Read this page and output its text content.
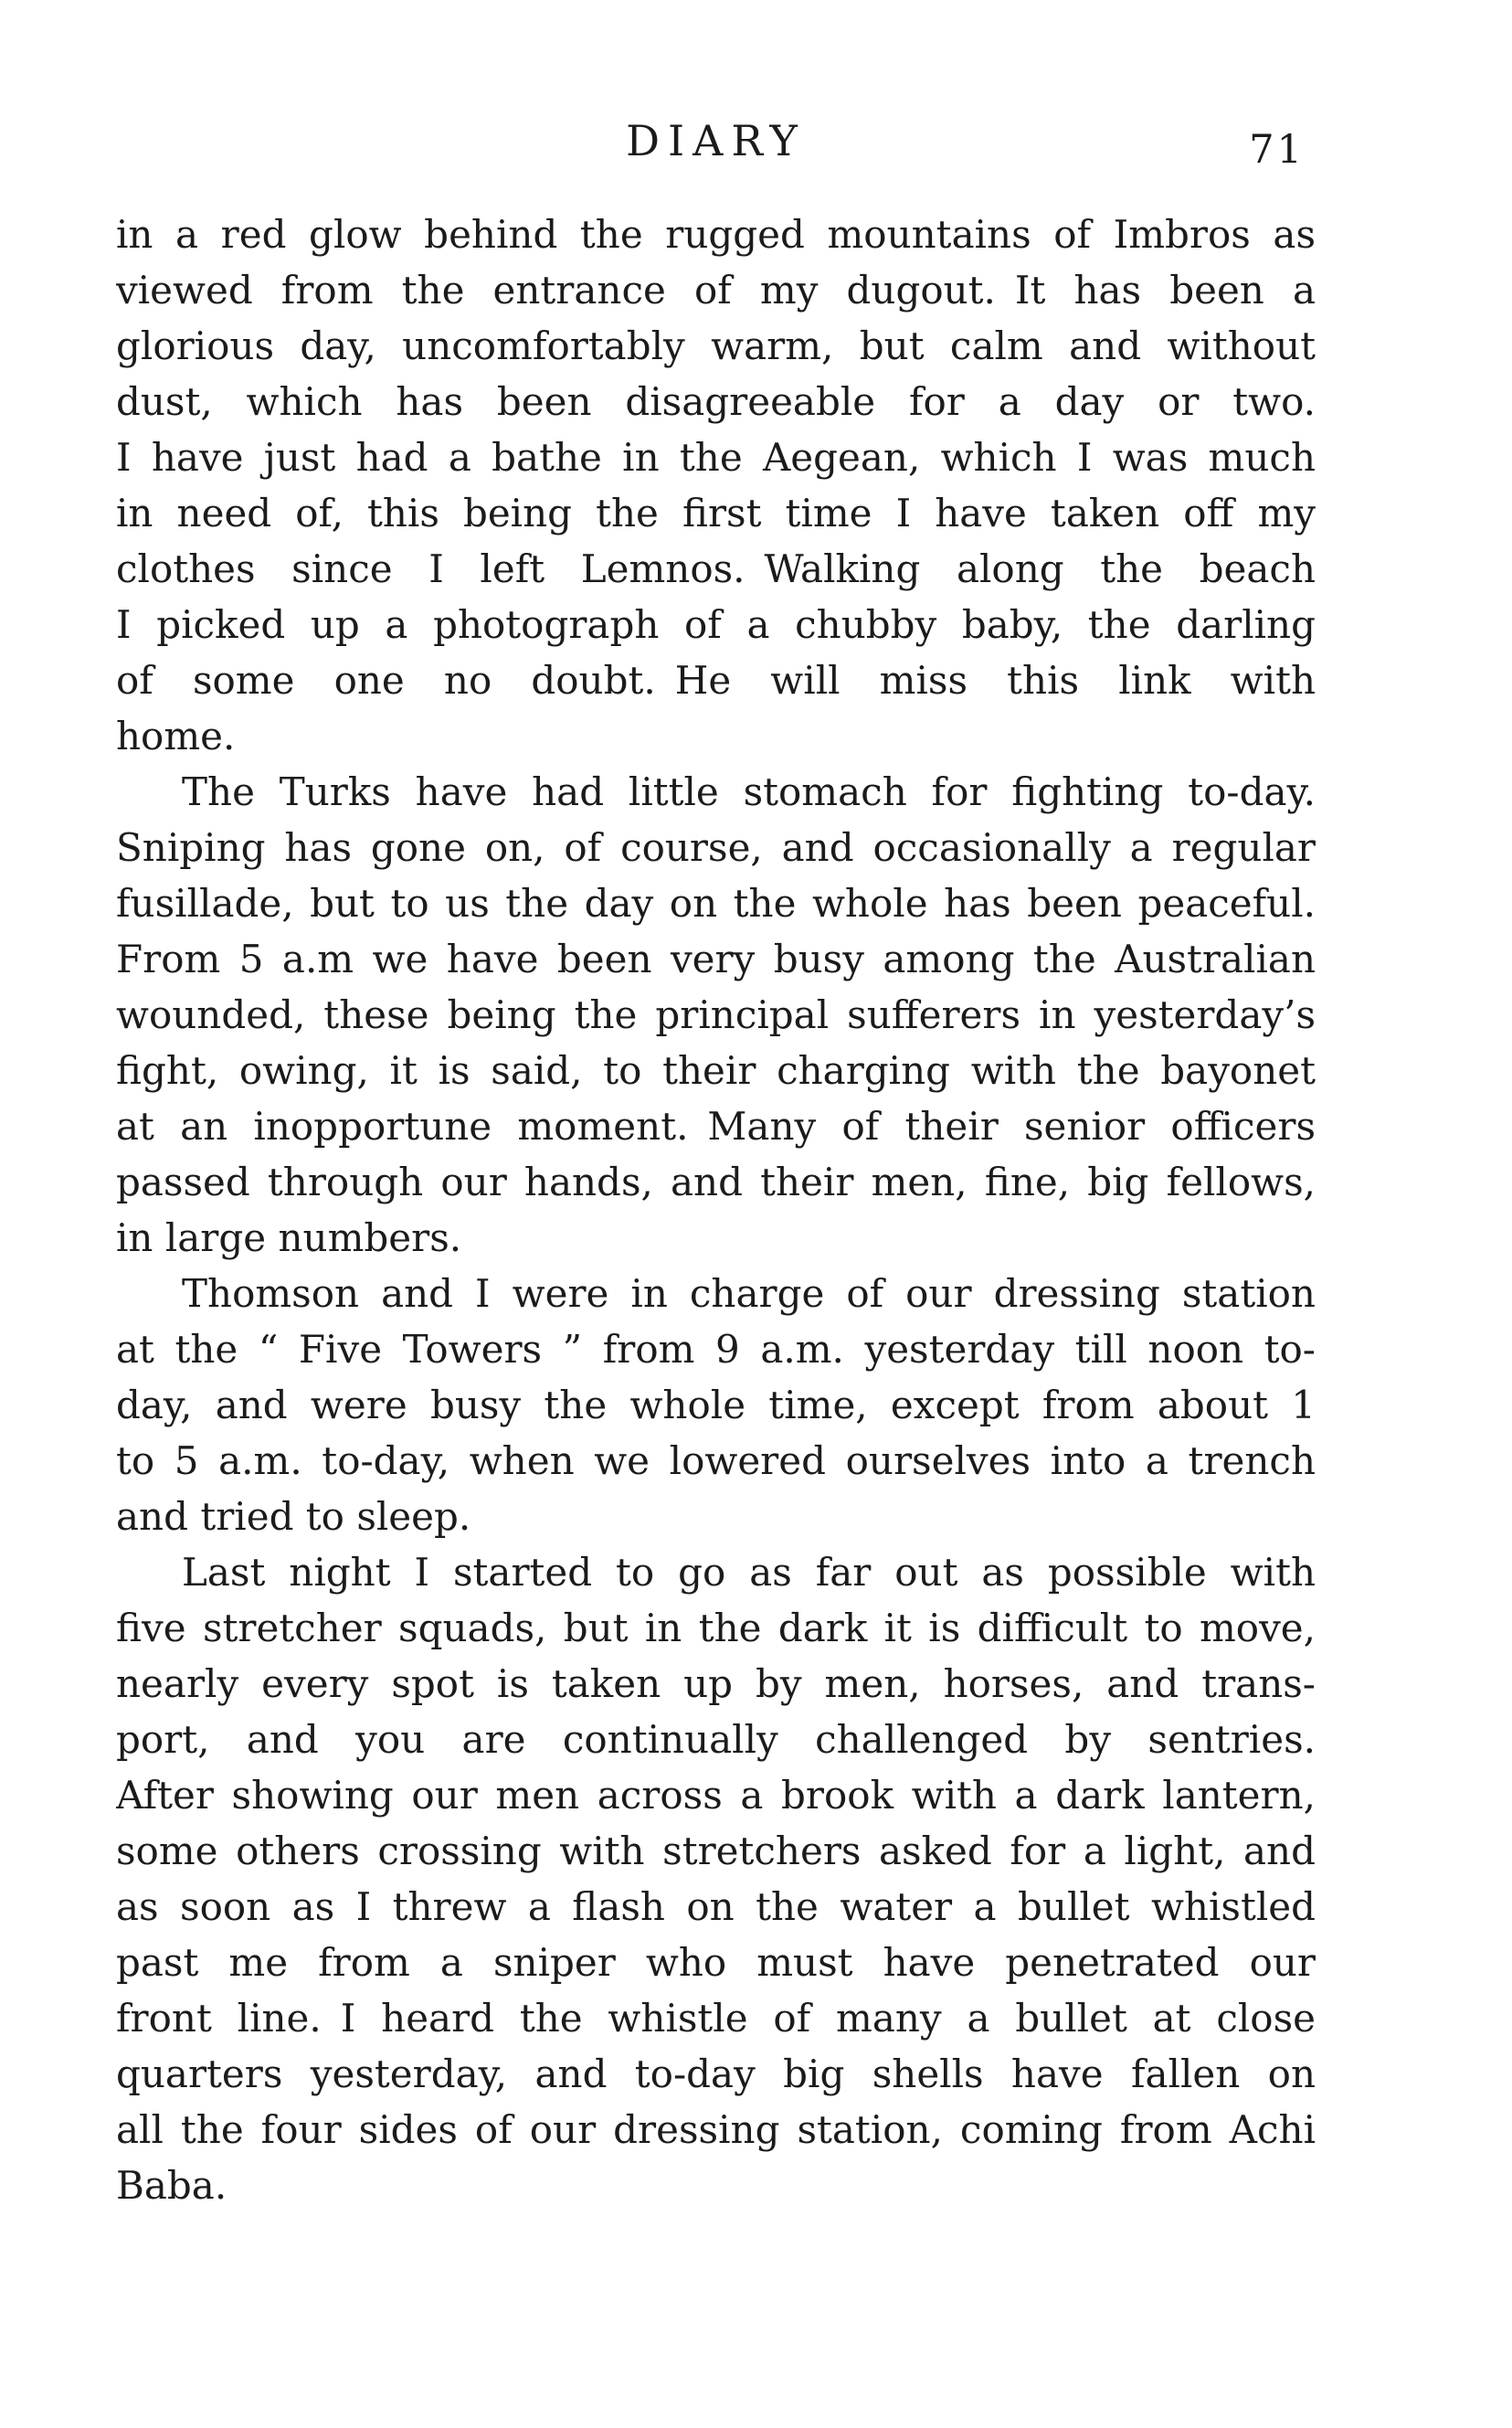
DIARY	71
in a red glow behind the rugged mountains of Imbros as
viewed from the entrance of my dugout. It has been a
glorious day, uncomfortably warm, but calm and without
dust, which has been disagreeable for a day or two.
I have just had a bathe in the Aegean, which I was much
in need of, this being the first time I have taken off my
clothes since I left Lemnos. Walking along the beach
I picked up a photograph of a chubby baby, the darling
of some one no doubt. He will miss this link with
home.
The Turks have had little stomach for fighting to-day.
Sniping has gone on, of course, and occasionally a regular
fusillade, but to us the day on the whole has been peaceful.
From 5 a.m we have been very busy among the Australian
wounded, these being the principal sufferers in yesterday’s
fight, owing, it is said, to their charging with the bayonet
at an inopportune moment. Many of their senior officers
passed through our hands, and their men, fine, big fellows,
in large numbers.
Thomson and I were in charge of our dressing station
at the “ Five Towers ” from 9 a.m. yesterday till noon to-
day, and were busy the whole time, except from about 1
to 5 a.m. to-day, when we lowered ourselves into a trench
and tried to sleep.
Last night I started to go as far out as possible with
five stretcher squads, but in the dark it is difficult to move,
nearly every spot is taken up by men, horses, and trans-
port, and you are continually challenged by sentries.
After showing our men across a brook with a dark lantern,
some others crossing with stretchers asked for a light, and
as soon as I threw a flash on the water a bullet whistled
past me from a sniper who must have penetrated our
front line. I heard the whistle of many a bullet at close
quarters yesterday, and to-day big shells have fallen on
all the four sides of our dressing station, coming from Achi
Baba.
